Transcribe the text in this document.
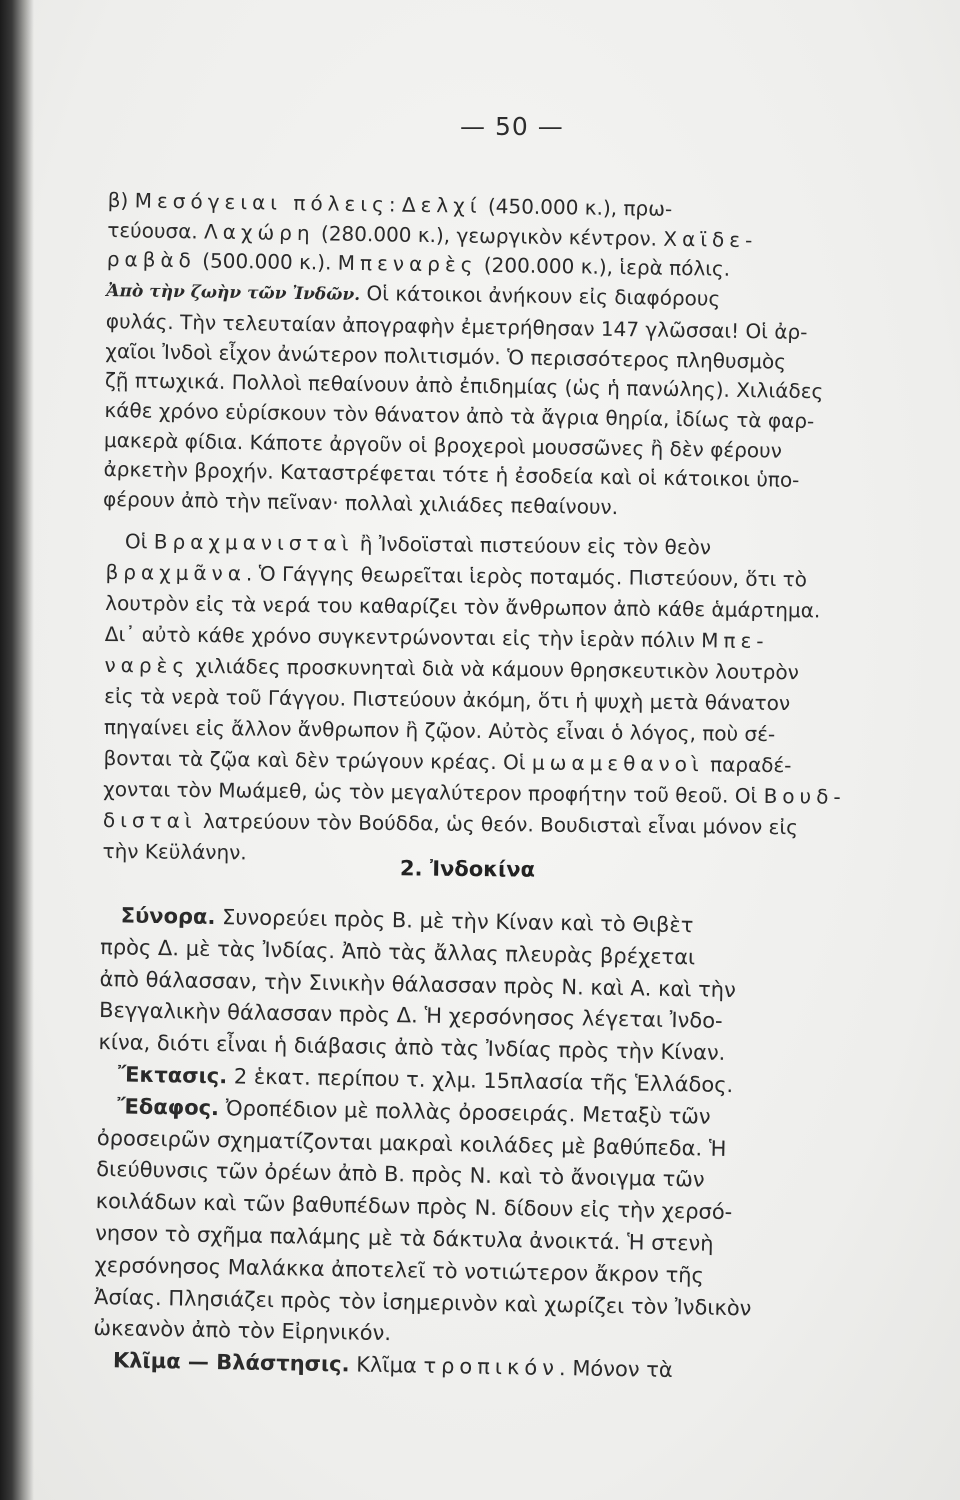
— 50 —
β) Μεσόγειαι πόλεις: Δελχί (450.000 κ.), πρω-
τεύουσα. Λαχώρη (280.000 κ.), γεωργικὸν κέντρον. Χαϊδε-
ραβὰδ (500.000 κ.). Μπεναρὲς (200.000 κ.), ἱερὰ πόλις.
Ἀπὸ τὴν ζωὴν τῶν Ἰνδῶν. Οἱ κάτοικοι ἀνήκουν εἰς διαφόρους
φυλάς. Τὴν τελευταίαν ἀπογραφὴν ἐμετρήθησαν 147 γλῶσσαι! Οἱ ἀρ-
χαῖοι Ἰνδοὶ εἶχον ἀνώτερον πολιτισμόν. Ὁ περισσότερος πληθυσμὸς
ζῇ πτωχικά. Πολλοὶ πεθαίνουν ἀπὸ ἐπιδημίας (ὡς ἡ πανώλης). Χιλιάδες
κάθε χρόνο εὑρίσκουν τὸν θάνατον ἀπὸ τὰ ἄγρια θηρία, ἰδίως τὰ φαρ-
μακερὰ φίδια. Κάποτε ἀργοῦν οἱ βροχεροὶ μουσσῶνες ἢ δὲν φέρουν
ἀρκετὴν βροχήν. Καταστρέφεται τότε ἡ ἐσοδεία καὶ οἱ κάτοικοι ὑπο-
φέρουν ἀπὸ τὴν πεῖναν· πολλαὶ χιλιάδες πεθαίνουν.
Οἱ Βραχμανισταὶ ἢ Ἰνδοϊσταὶ πιστεύουν εἰς τὸν θεὸν
βραχμᾶνα. Ὁ Γάγγης θεωρεῖται ἱερὸς ποταμός. Πιστεύουν, ὅτι τὸ
λουτρὸν εἰς τὰ νερά του καθαρίζει τὸν ἄνθρωπον ἀπὸ κάθε ἁμάρτημα.
Δι᾽ αὐτὸ κάθε χρόνο συγκεντρώνονται εἰς τὴν ἱερὰν πόλιν Μπε-
ναρὲς χιλιάδες προσκυνηταὶ διὰ νὰ κάμουν θρησκευτικὸν λουτρὸν
εἰς τὰ νερὰ τοῦ Γάγγου. Πιστεύουν ἀκόμη, ὅτι ἡ ψυχὴ μετὰ θάνατον
πηγαίνει εἰς ἄλλον ἄνθρωπον ἢ ζῷον. Αὐτὸς εἶναι ὁ λόγος, ποὺ σέ-
βονται τὰ ζῷα καὶ δὲν τρώγουν κρέας. Οἱ μωαμεθανοὶ παραδέ-
χονται τὸν Μωάμεθ, ὡς τὸν μεγαλύτερον προφήτην τοῦ θεοῦ. Οἱ Βουδ-
δισταὶ λατρεύουν τὸν Βούδδα, ὡς θεόν. Βουδισταὶ εἶναι μόνον εἰς
τὴν Κεϋλάνην.
2. Ἰνδοκίνα
Σύνορα. Συνορεύει πρὸς Β. μὲ τὴν Κίναν καὶ τὸ Θιβὲτ
πρὸς Δ. μὲ τὰς Ἰνδίας. Ἀπὸ τὰς ἄλλας πλευρὰς βρέχεται
ἀπὸ θάλασσαν, τὴν Σινικὴν θάλασσαν πρὸς Ν. καὶ Α. καὶ τὴν
Βεγγαλικὴν θάλασσαν πρὸς Δ. Ἡ χερσόνησος λέγεται Ἰνδο-
κίνα, διότι εἶναι ἡ διάβασις ἀπὸ τὰς Ἰνδίας πρὸς τὴν Κίναν.
Ἔκτασις. 2 ἑκατ. περίπου τ. χλμ. 15πλασία τῆς Ἑλλάδος.
Ἔδαφος. Ὀροπέδιον μὲ πολλὰς ὀροσειράς. Μεταξὺ τῶν
ὀροσειρῶν σχηματίζονται μακραὶ κοιλάδες μὲ βαθύπεδα. Ἡ
διεύθυνσις τῶν ὀρέων ἀπὸ Β. πρὸς Ν. καὶ τὸ ἄνοιγμα τῶν
κοιλάδων καὶ τῶν βαθυπέδων πρὸς Ν. δίδουν εἰς τὴν χερσό-
νησον τὸ σχῆμα παλάμης μὲ τὰ δάκτυλα ἀνοικτά. Ἡ στενὴ
χερσόνησος Μαλάκκα ἀποτελεῖ τὸ νοτιώτερον ἄκρον τῆς
Ἀσίας. Πλησιάζει πρὸς τὸν ἰσημερινὸν καὶ χωρίζει τὸν Ἰνδικὸν
ὠκεανὸν ἀπὸ τὸν Εἰρηνικόν.
Κλῖμα — Βλάστησις. Κλῖμα τροπικόν. Μόνον τὰ
